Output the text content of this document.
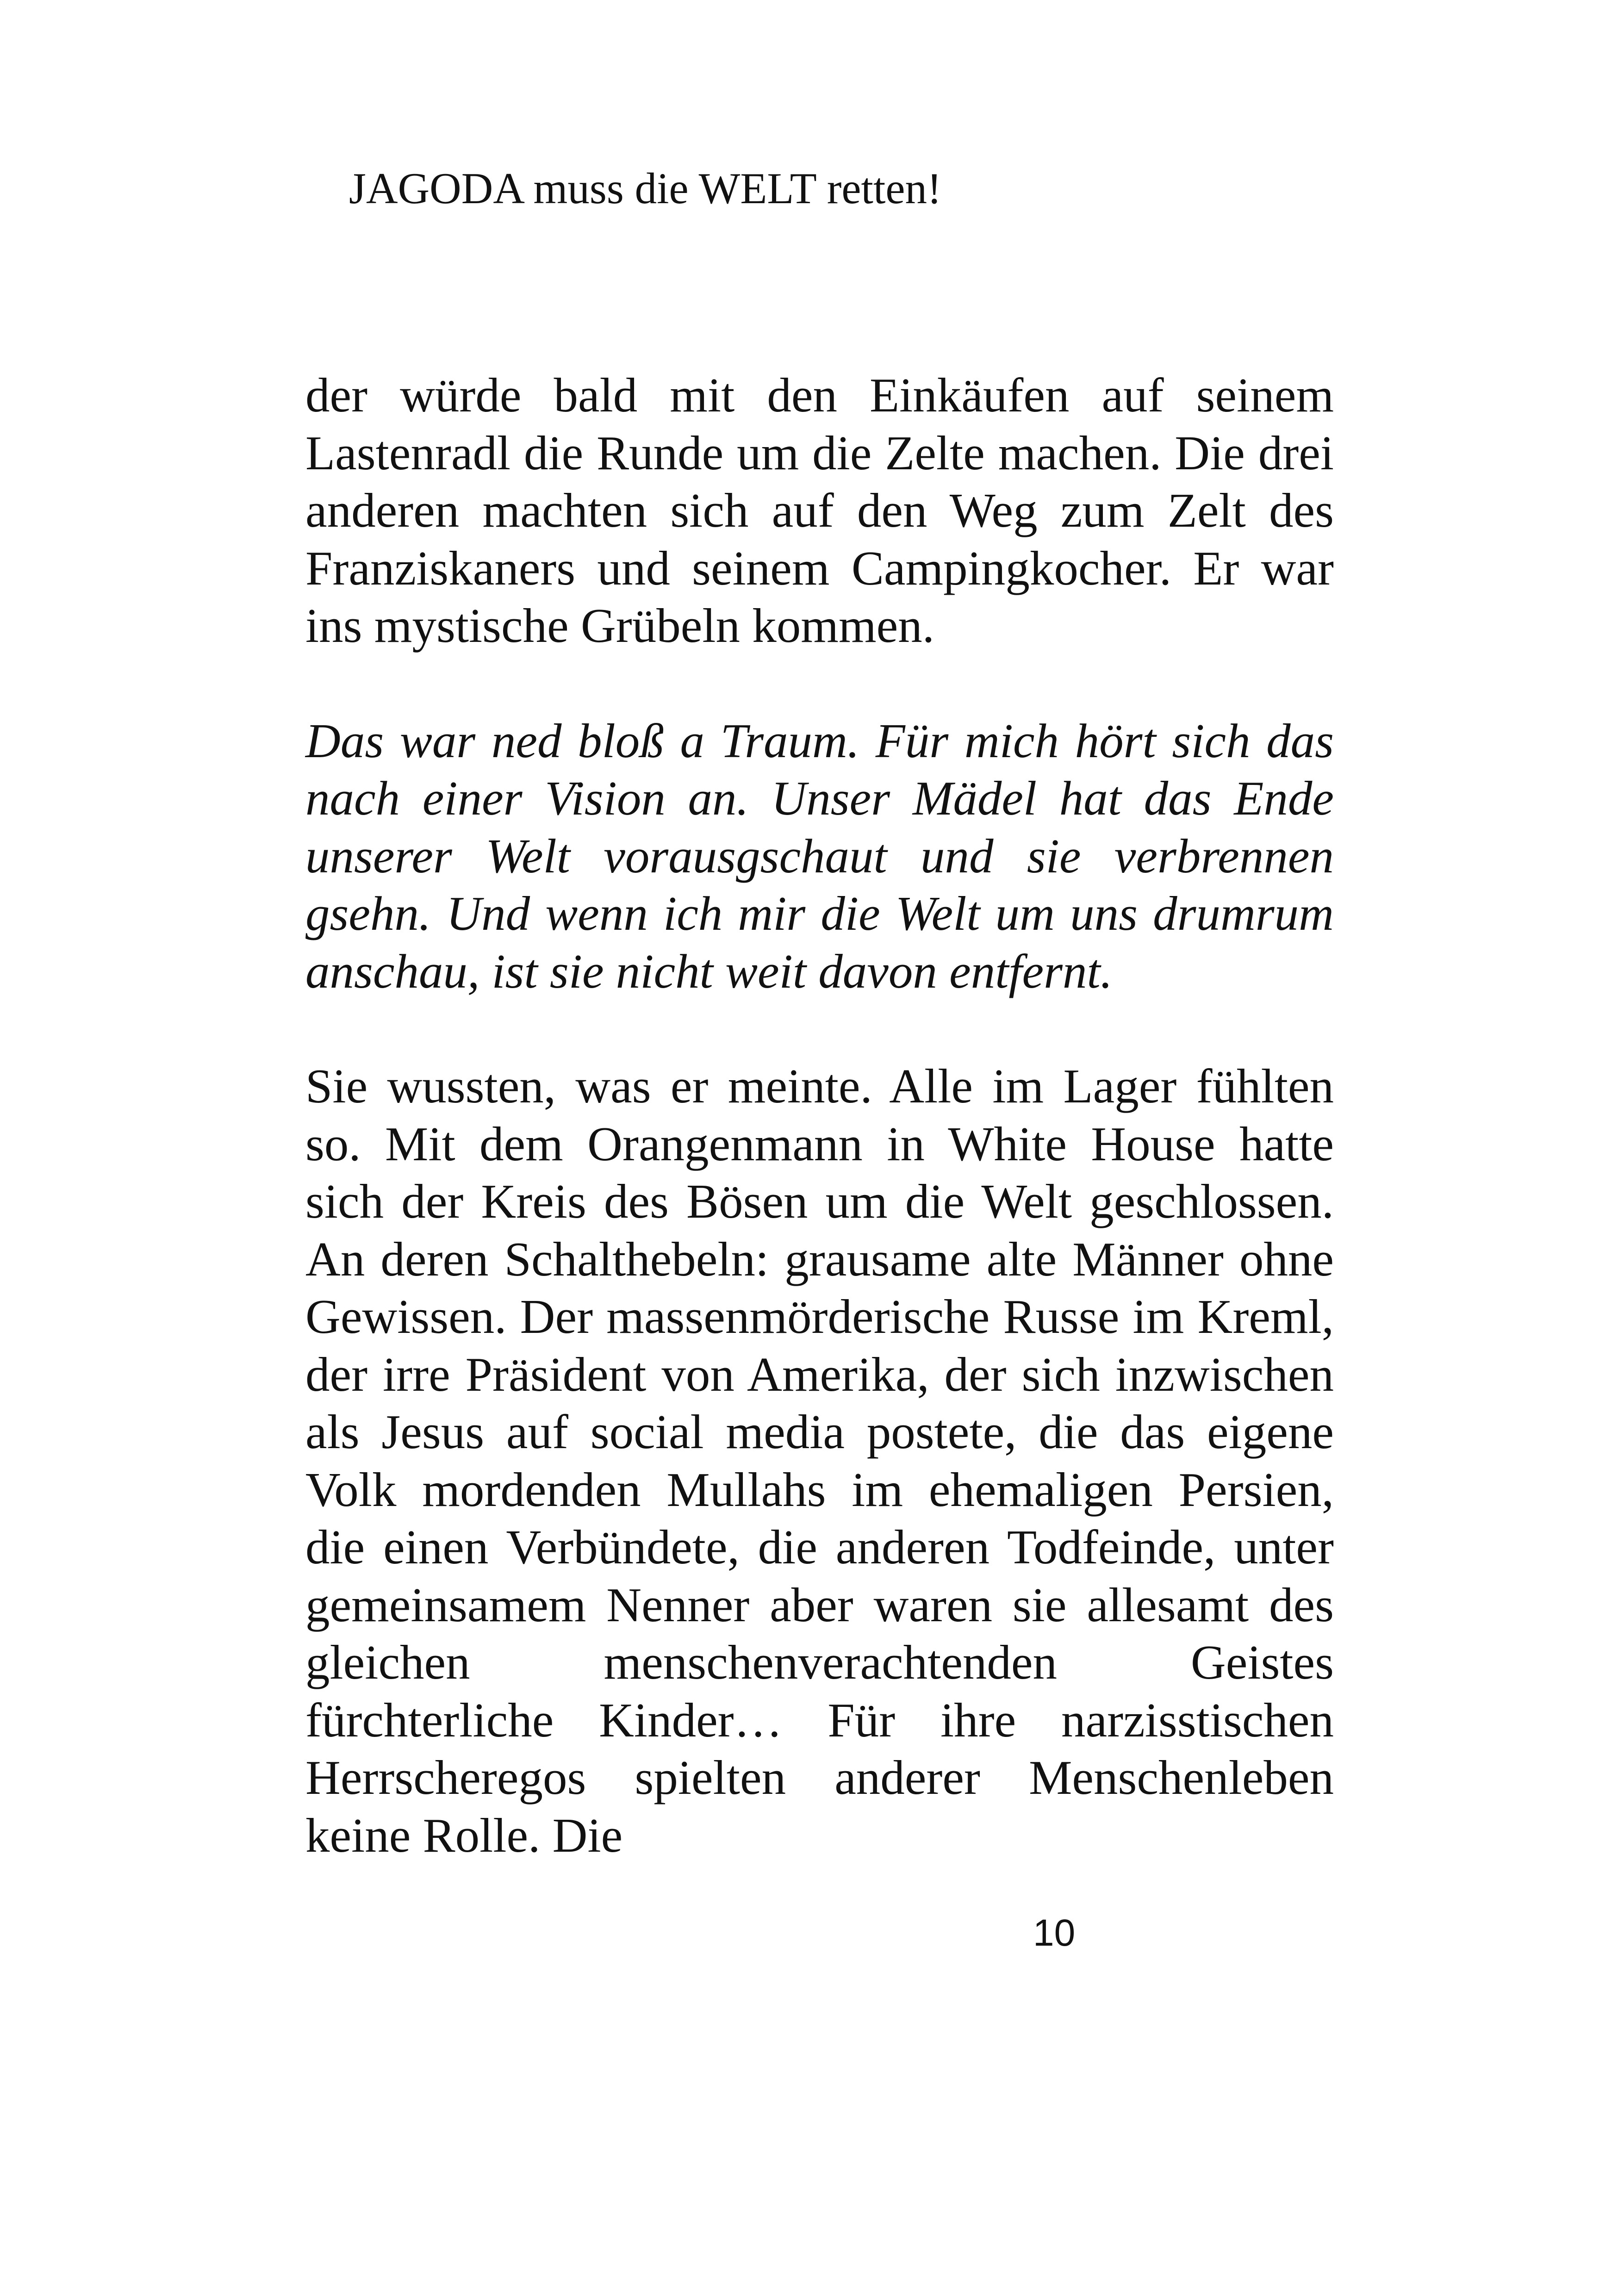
JAGODA muss die WELT retten!

der würde bald mit den Einkäufen auf seinem Lastenradl die Runde um die Zelte machen. Die drei anderen machten sich auf den Weg zum Zelt des Franziskaners und seinem Campingkocher. Er war ins mystische Grübeln kommen.

Das war ned bloß a Traum. Für mich hört sich das nach einer Vision an. Unser Mädel hat das Ende unserer Welt vorausgschaut und sie verbrennen gsehn. Und wenn ich mir die Welt um uns drumrum anschau, ist sie nicht weit davon entfernt.

Sie wussten, was er meinte. Alle im Lager fühlten so. Mit dem Orangenmann in White House hatte sich der Kreis des Bösen um die Welt geschlossen. An deren Schalthebeln: grausame alte Männer ohne Gewissen. Der massenmörderische Russe im Kreml, der irre Präsident von Amerika, der sich inzwischen als Jesus auf social media postete, die das eigene Volk mordenden Mullahs im ehemaligen Persien, die einen Verbündete, die anderen Todfeinde, unter gemeinsamem Nenner aber waren sie allesamt des gleichen menschenverachtenden Geistes fürchterliche Kinder… Für ihre narzisstischen Herrscheregos spielten anderer Menschenleben keine Rolle. Die

10
